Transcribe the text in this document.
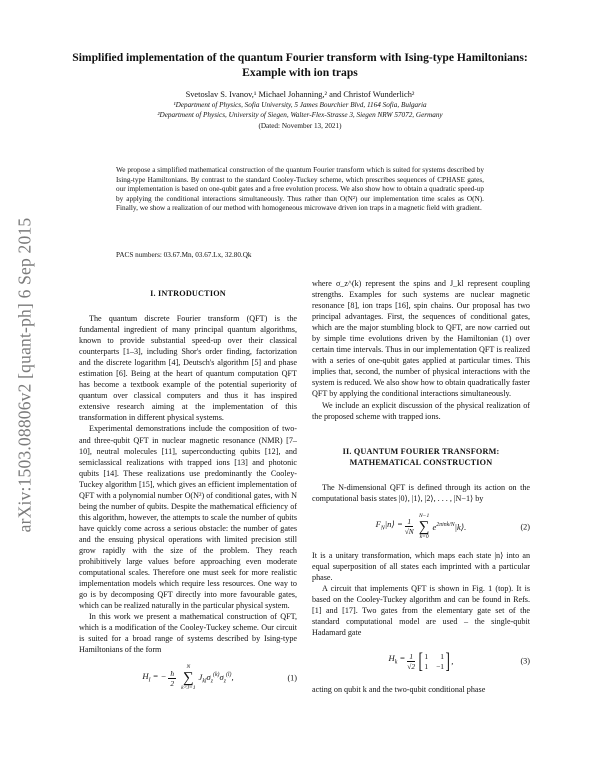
arXiv:1503.08806v2 [quant-ph] 6 Sep 2015
Simplified implementation of the quantum Fourier transform with Ising-type Hamiltonians: Example with ion traps
Svetoslav S. Ivanov,¹ Michael Johanning,² and Christof Wunderlich²
¹Department of Physics, Sofia University, 5 James Bourchier Blvd, 1164 Sofia, Bulgaria
²Department of Physics, University of Siegen, Walter-Flex-Strasse 3, Siegen NRW 57072, Germany
(Dated: November 13, 2021)
We propose a simplified mathematical construction of the quantum Fourier transform which is suited for systems described by Ising-type Hamiltonians. By contrast to the standard Cooley-Tuckey scheme, which prescribes sequences of CPHASE gates, our implementation is based on one-qubit gates and a free evolution process. We also show how to obtain a quadratic speed-up by applying the conditional interactions simultaneously. Thus rather than O(N²) our implementation time scales as O(N). Finally, we show a realization of our method with homogeneous microwave driven ion traps in a magnetic field with gradient.
PACS numbers: 03.67.Mn, 03.67.Lx, 32.80.Qk
I. INTRODUCTION

The quantum discrete Fourier transform (QFT) is the fundamental ingredient of many principal quantum algorithms, known to provide substantial speed-up over their classical counterparts [1–3], including Shor's order finding, factorization and the discrete logarithm [4], Deutsch's algorithm [5] and phase estimation [6]. Being at the heart of quantum computation QFT has become a textbook example of the potential superiority of quantum over classical computers and thus it has inspired extensive research aiming at the implementation of this transformation in different physical systems.

Experimental demonstrations include the composition of two- and three-qubit QFT in nuclear magnetic resonance (NMR) [7–10], neutral molecules [11], superconducting qubits [12], and semiclassical realizations with trapped ions [13] and photonic qubits [14]. These realizations use predominantly the Cooley-Tuckey algorithm [15], which gives an efficient implementation of QFT with a polynomial number O(N²) of conditional gates, with N being the number of qubits. Despite the mathematical efficiency of this algorithm, however, the attempts to scale the number of qubits have quickly come across a serious obstacle: the number of gates and the ensuing physical operations with limited precision still grow rapidly with the size of the problem. They reach prohibitively large values before approaching even moderate computational scales. Therefore one must seek for more realistic implementation models which require less resources. One way to go is by decomposing QFT directly into more favourable gates, which can be realized naturally in the particular physical system.

In this work we present a mathematical construction of QFT, which is a modification of the Cooley-Tuckey scheme. Our circuit is suited for a broad range of systems described by Ising-type Hamiltonians of the form

$H_I$ = − $\frac{ħ}{2}$
N
∑
k<l=1
$J_{kl}\sigma_z^{(k)}\sigma_z^{(l)}$,	(1)

where σ_z^(k) represent the spins and J_kl represent coupling strengths. Examples for such systems are nuclear magnetic resonance [8], ion traps [16], spin chains. Our proposal has two principal advantages. First, the sequences of conditional gates, which are the major stumbling block to QFT, are now carried out by simple time evolutions driven by the Hamiltonian (1) over certain time intervals. Thus in our implementation QFT is realized with a series of one-qubit gates applied at particular times. This implies that, second, the number of physical interactions with the system is reduced. We also show how to obtain quadratically faster QFT by applying the conditional interactions simultaneously.

We include an explicit discussion of the physical realization of the proposed scheme with trapped ions.

II. QUANTUM FOURIER TRANSFORM: MATHEMATICAL CONSTRUCTION

The N-dimensional QFT is defined through its action on the computational basis states |0⟩, |1⟩, |2⟩, . . . , |N−1⟩ by

$F_N|n⟩ = \frac{1}{√N}$
N−1
∑
k=0
$e^{2\pi ink/N}|k⟩$.	(2)

It is a unitary transformation, which maps each state |n⟩ into an equal superposition of all states each imprinted with a particular phase.

A circuit that implements QFT is shown in Fig. 1 (top). It is based on the Cooley-Tuckey algorithm and can be found in Refs. [1] and [17]. Two gates from the elementary gate set of the standard computational model are used – the single-qubit Hadamard gate

$H_k = \frac{1}{√2}$ [ 1	1
1 −1 ] ,	(3)

acting on qubit k and the two-qubit conditional phase
